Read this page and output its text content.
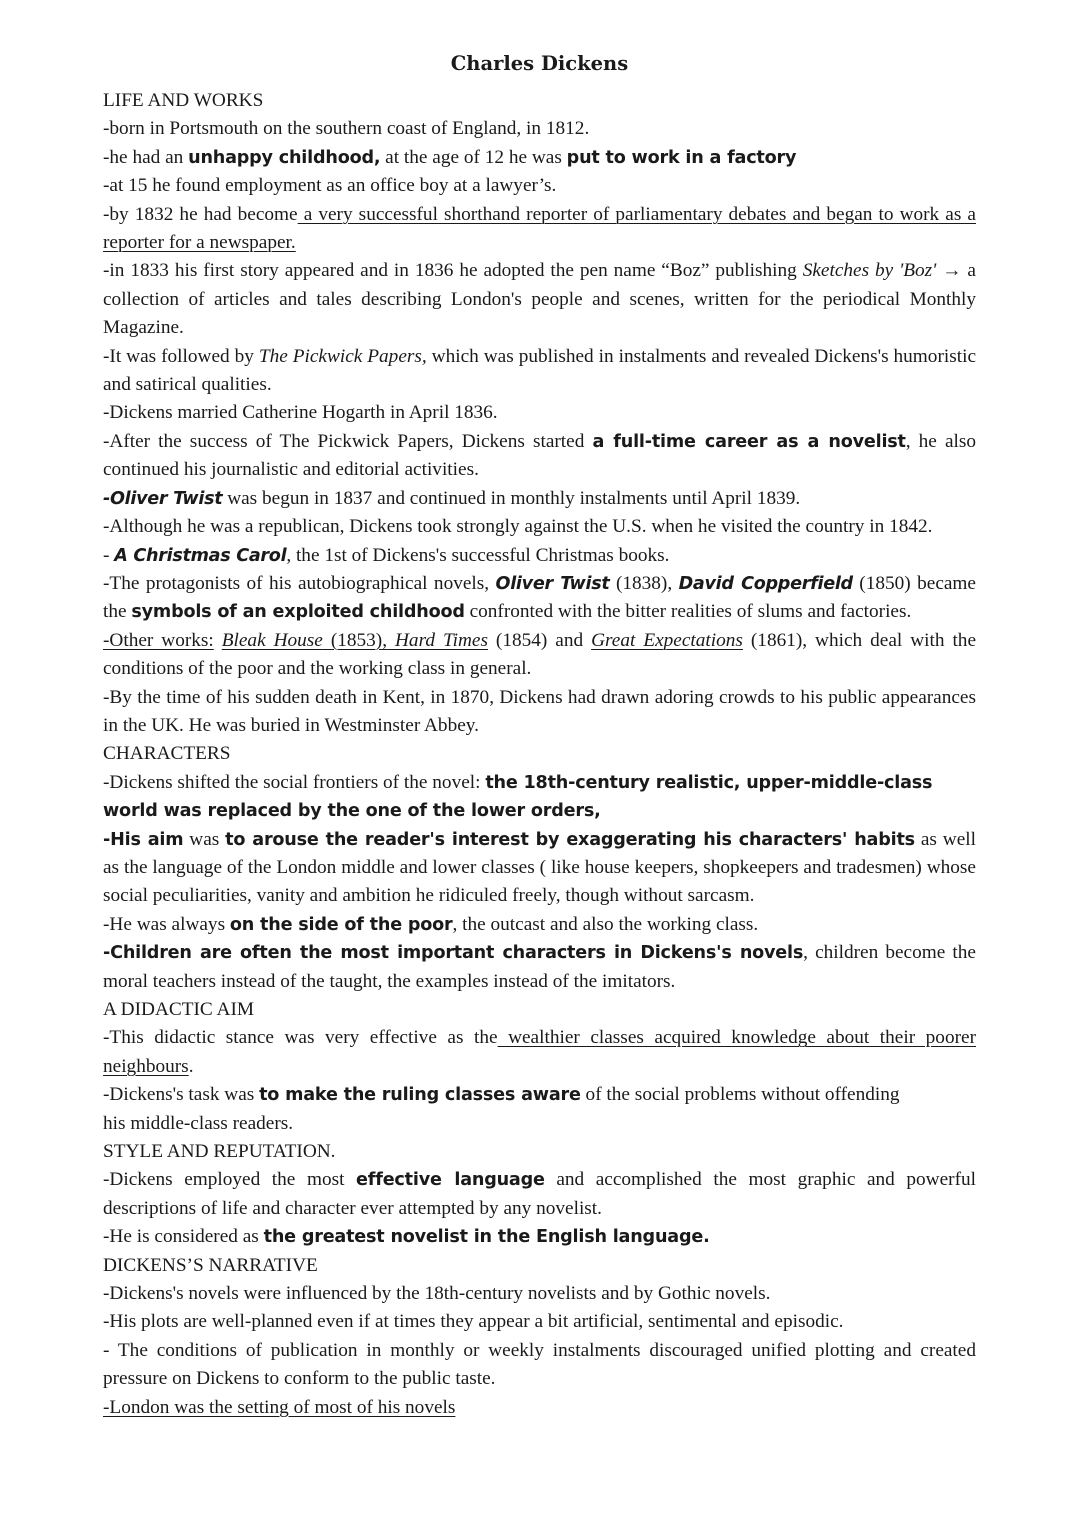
Charles Dickens
LIFE AND WORKS

-born in Portsmouth on the southern coast of England, in 1812.

-he had an unhappy childhood, at the age of 12 he was put to work in a factory

-at 15 he found employment as an office boy at a lawyer’s.

-by 1832 he had become a very successful shorthand reporter of parliamentary debates and began to work as a reporter for a newspaper.

-in 1833 his first story appeared and in 1836 he adopted the pen name “Boz” publishing Sketches by 'Boz' → a collection of articles and tales describing London's people and scenes, written for the periodical Monthly Magazine.

-It was followed by The Pickwick Papers, which was published in instalments and revealed Dickens's humoristic and satirical qualities.

-Dickens married Catherine Hogarth in April 1836.

-After the success of The Pickwick Papers, Dickens started a full-time career as a novelist, he also continued his journalistic and editorial activities.

-Oliver Twist was begun in 1837 and continued in monthly instalments until April 1839.

-Although he was a republican, Dickens took strongly against the U.S. when he visited the country in 1842.

- A Christmas Carol, the 1st of Dickens's successful Christmas books.

-The protagonists of his autobiographical novels, Oliver Twist (1838), David Copperfield (1850) became the symbols of an exploited childhood confronted with the bitter realities of slums and factories.

-Other works: Bleak House (1853), Hard Times (1854) and Great Expectations (1861), which deal with the conditions of the poor and the working class in general.

-By the time of his sudden death in Kent, in 1870, Dickens had drawn adoring crowds to his public appearances in the UK. He was buried in Westminster Abbey.

CHARACTERS

-Dickens shifted the social frontiers of the novel: the 18th-century realistic, upper-middle-class world was replaced by the one of the lower orders,

-His aim was to arouse the reader's interest by exaggerating his characters' habits as well as the language of the London middle and lower classes ( like house keepers, shopkeepers and tradesmen) whose social peculiarities, vanity and ambition he ridiculed freely, though without sarcasm.

-He was always on the side of the poor, the outcast and also the working class.

-Children are often the most important characters in Dickens's novels, children become the moral teachers instead of the taught, the examples instead of the imitators.

A DIDACTIC AIM

-This didactic stance was very effective as the wealthier classes acquired knowledge about their poorer neighbours.

-Dickens's task was to make the ruling classes aware of the social problems without offending
his middle-class readers.

STYLE AND REPUTATION.

-Dickens employed the most effective language and accomplished the most graphic and powerful descriptions of life and character ever attempted by any novelist.

-He is considered as the greatest novelist in the English language.

DICKENS’S NARRATIVE

-Dickens's novels were influenced by the 18th-century novelists and by Gothic novels.

-His plots are well-planned even if at times they appear a bit artificial, sentimental and episodic.

- The conditions of publication in monthly or weekly instalments discouraged unified plotting and created pressure on Dickens to conform to the public taste.

-London was the setting of most of his novels
